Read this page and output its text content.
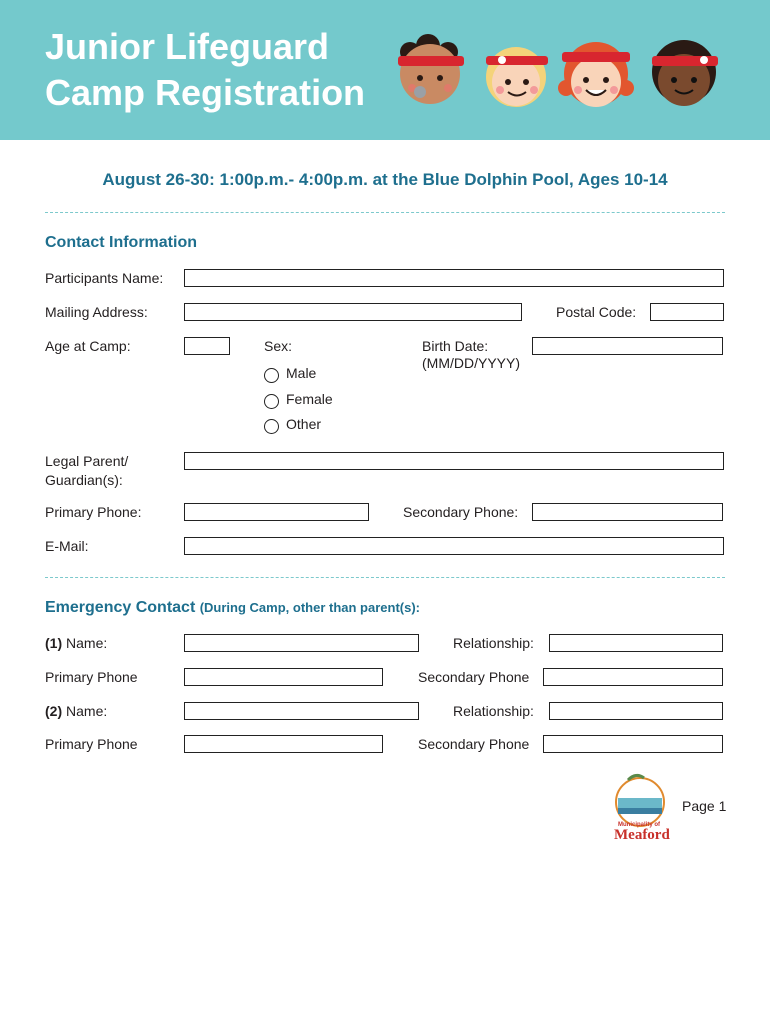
Junior Lifeguard
Camp Registration
August 26-30: 1:00p.m.- 4:00p.m. at the Blue Dolphin Pool, Ages 10-14
Contact Information
Participants Name:
Mailing Address:	Postal Code:
Age at Camp:	Sex:	Birth Date:
(MM/DD/YYYY)
Male
Female
Other
Legal Parent/
Guardian(s):
Primary Phone:	Secondary Phone:
E-Mail:
Emergency Contact (During Camp, other than parent(s):
(1) Name:	Relationship:
Primary Phone	Secondary Phone
(2) Name:	Relationship:
Primary Phone	Secondary Phone
Municipality of
Meaford
Page 1
